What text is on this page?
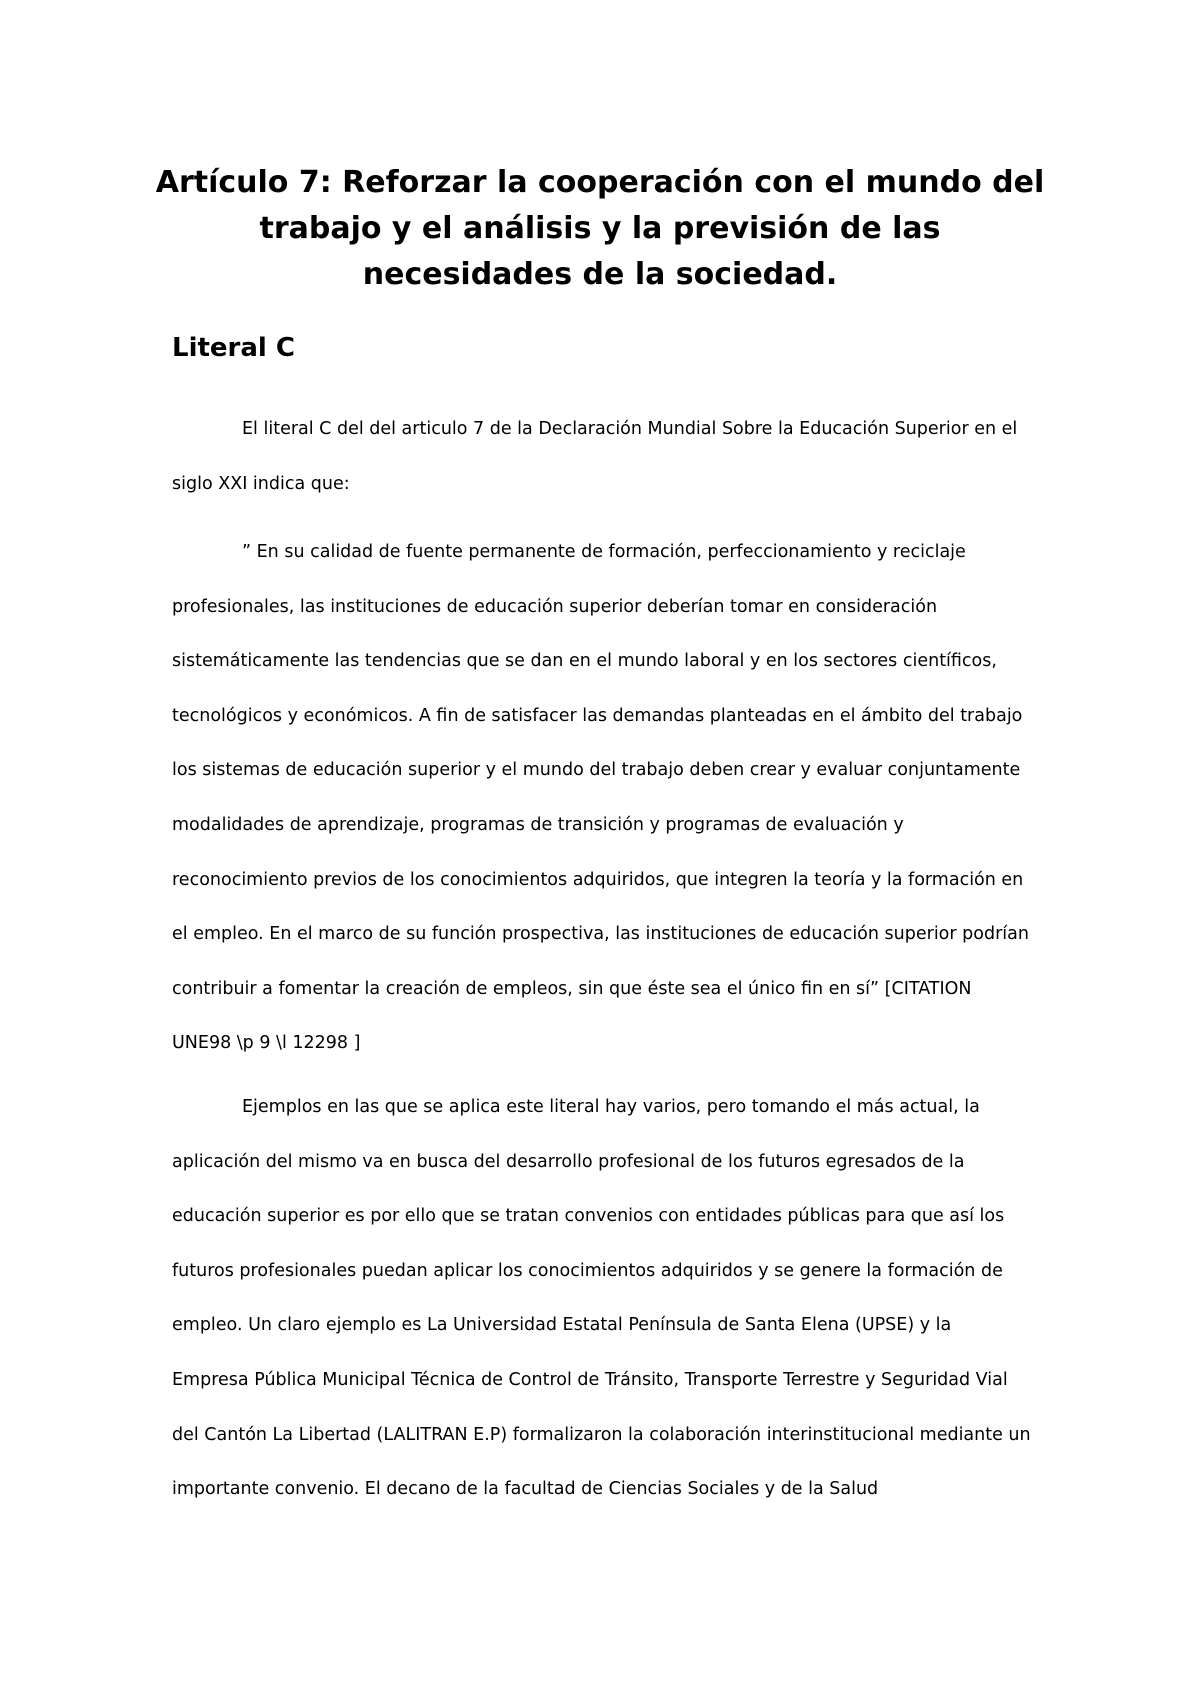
Artículo 7: Reforzar la cooperación con el mundo del trabajo y el análisis y la previsión de las necesidades de la sociedad.
Literal C

El literal C del del articulo 7 de la Declaración Mundial Sobre la Educación Superior en el siglo XXI indica que:

” En su calidad de fuente permanente de formación, perfeccionamiento y reciclaje profesionales, las instituciones de educación superior deberían tomar en consideración sistemáticamente las tendencias que se dan en el mundo laboral y en los sectores científicos, tecnológicos y económicos. A fin de satisfacer las demandas planteadas en el ámbito del trabajo los sistemas de educación superior y el mundo del trabajo deben crear y evaluar conjuntamente modalidades de aprendizaje, programas de transición y programas de evaluación y reconocimiento previos de los conocimientos adquiridos, que integren la teoría y la formación en el empleo. En el marco de su función prospectiva, las instituciones de educación superior podrían contribuir a fomentar la creación de empleos, sin que éste sea el único fin en sí” [CITATION UNE98 \p 9 \l 12298 ]

Ejemplos en las que se aplica este literal hay varios, pero tomando el más actual, la aplicación del mismo va en busca del desarrollo profesional de los futuros egresados de la educación superior es por ello que se tratan convenios con entidades públicas para que así los futuros profesionales puedan aplicar los conocimientos adquiridos y se genere la formación de empleo. Un claro ejemplo es La Universidad Estatal Península de Santa Elena (UPSE) y la Empresa Pública Municipal Técnica de Control de Tránsito, Transporte Terrestre y Seguridad Vial del Cantón La Libertad (LALITRAN E.P) formalizaron la colaboración interinstitucional mediante un importante convenio. El decano de la facultad de Ciencias Sociales y de la Salud
